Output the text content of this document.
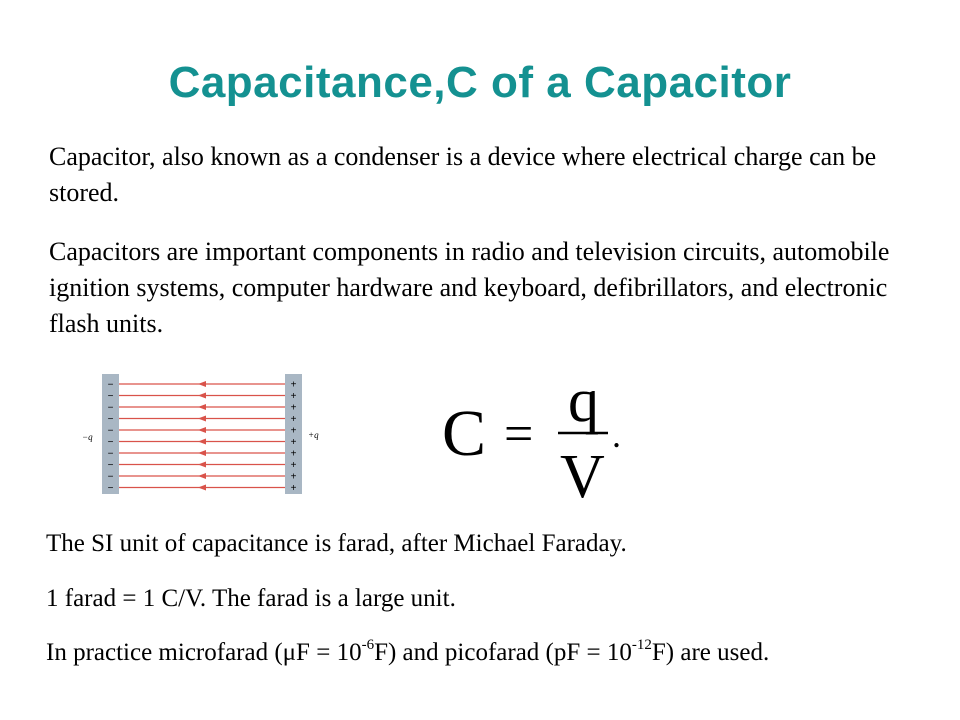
Capacitance,C of a Capacitor

Capacitor, also known as a condenser is a device where electrical charge can be stored.

Capacitors are important components in radio and television circuits, automobile ignition systems, computer hardware and keyboard, defibrillators, and electronic flash units.

−
−
−
−
−
−
−
−
−
−
+
+
+
+
+
+
+
+
+
+
−q	+q C = q
V
.

The SI unit of capacitance is farad, after Michael Faraday.

1 farad = 1 C/V. The farad is a large unit.

In practice microfarad $(\mu F = 10^{-6}F)$ and picofarad $(pF = 10^{-12}F)$ are used.
